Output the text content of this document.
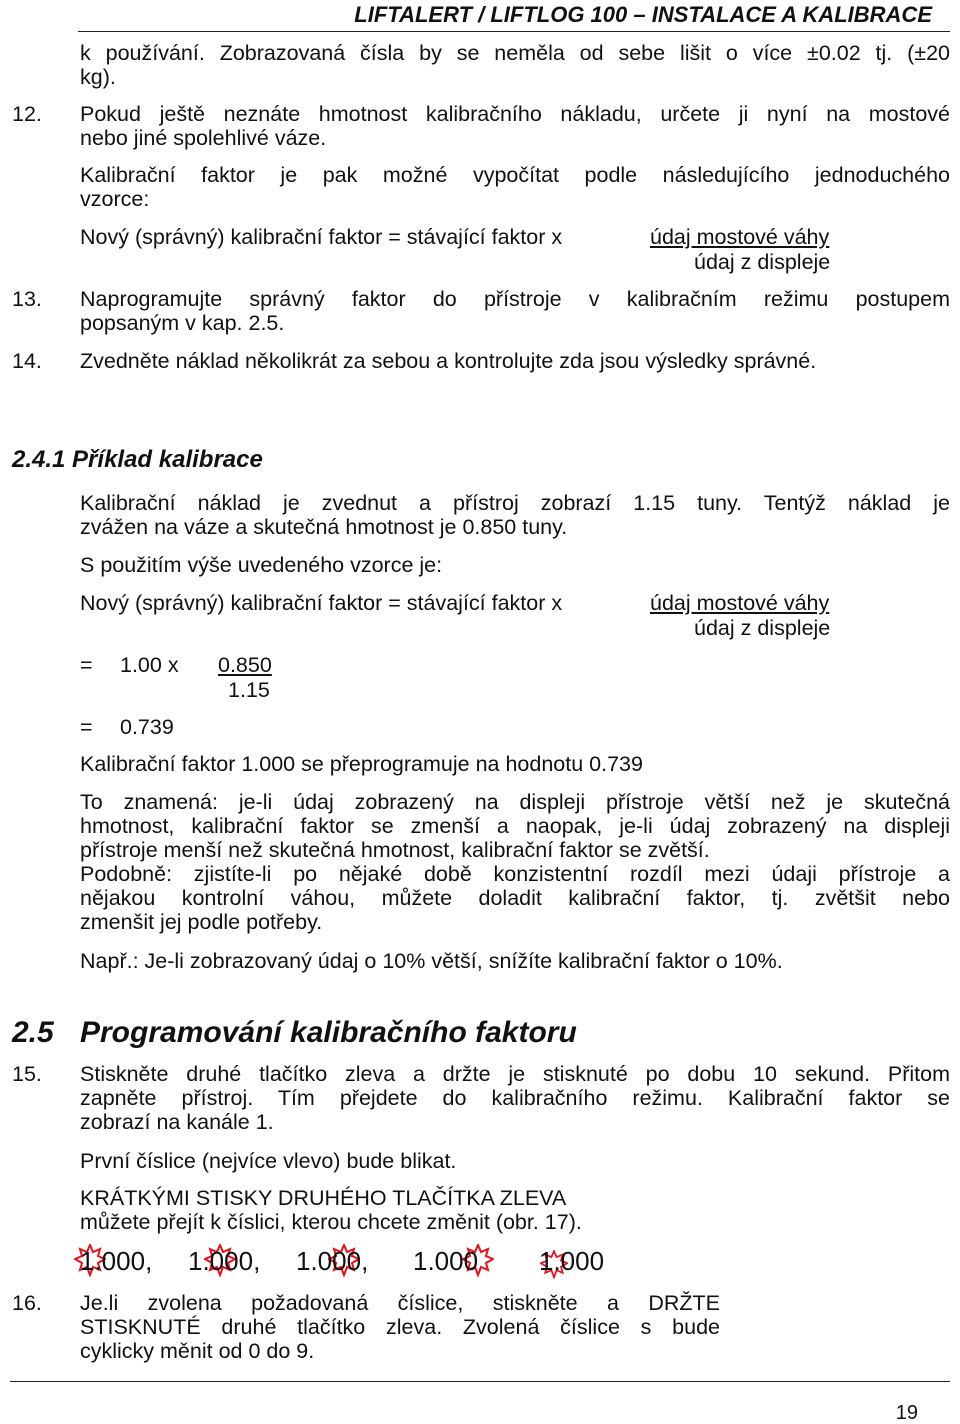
LIFTALERT / LIFTLOG 100 – INSTALACE A KALIBRACE
k používání. Zobrazovaná čísla by se neměla od sebe lišit o více ±0.02 tj. (±20
kg).
12. Pokud ještě neznáte hmotnost kalibračního nákladu, určete ji nyní na mostové
nebo jiné spolehlivé váze.
Kalibrační faktor je pak možné vypočítat podle následujícího jednoduchého
vzorce:
Nový (správný) kalibrační faktor = stávající faktor x	údaj mostové váhy
údaj z displeje
13. Naprogramujte správný faktor do přístroje v kalibračním režimu postupem
popsaným v kap. 2.5.
14. Zvedněte náklad několikrát za sebou a kontrolujte zda jsou výsledky správné.
2.4.1 Příklad kalibrace
Kalibrační náklad je zvednut a přístroj zobrazí 1.15 tuny. Tentýž náklad je
zvážen na váze a skutečná hmotnost je 0.850 tuny.
S použitím výše uvedeného vzorce je:
Nový (správný) kalibrační faktor = stávající faktor x	údaj mostové váhy
údaj z displeje
= 1.00 x 0.850
1.15
= 0.739
Kalibrační faktor 1.000 se přeprogramuje na hodnotu 0.739
To znamená: je-li údaj zobrazený na displeji přístroje větší než je skutečná
hmotnost, kalibrační faktor se zmenší a naopak, je-li údaj zobrazený na displeji
přístroje menší než skutečná hmotnost, kalibrační faktor se zvětší.
Podobně: zjistíte-li po nějaké době konzistentní rozdíl mezi údaji přístroje a
nějakou kontrolní váhou, můžete doladit kalibrační faktor, tj. zvětšit nebo
zmenšit jej podle potřeby.
Např.: Je-li zobrazovaný údaj o 10% větší, snížíte kalibrační faktor o 10%.
2.5 Programování kalibračního faktoru
15. Stiskněte druhé tlačítko zleva a držte je stisknuté po dobu 10 sekund. Přitom
zapněte přístroj. Tím přejdete do kalibračního režimu. Kalibrační faktor se
zobrazí na kanále 1.
První číslice (nejvíce vlevo) bude blikat.
KRÁTKÝMI STISKY DRUHÉHO TLAČÍTKA ZLEVA
můžete přejít k číslici, kterou chcete změnit (obr. 17).
1.000, 1.000, 1.000, 1.000 1.000
16. Je.li zvolena požadovaná číslice, stiskněte a DRŽTE
STISKNUTÉ druhé tlačítko zleva. Zvolená číslice s bude
cyklicky měnit od 0 do 9.
19
